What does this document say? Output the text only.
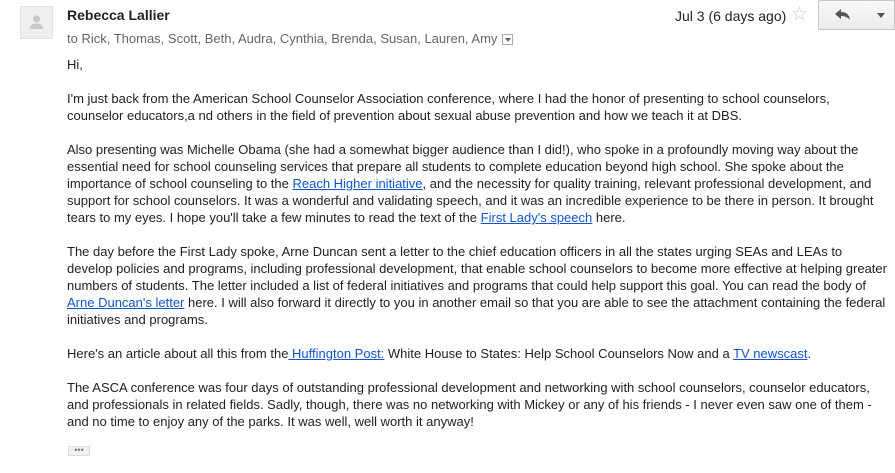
Rebecca Lallier
to Rick, Thomas, Scott, Beth, Audra, Cynthia, Brenda, Susan, Lauren, Amy
Jul 3 (6 days ago) ☆

Hi,

I'm just back from the American School Counselor Association conference, where I had the honor of presenting to school counselors, counselor educators,a nd others in the field of prevention about sexual abuse prevention and how we teach it at DBS.

Also presenting was Michelle Obama (she had a somewhat bigger audience than I did!), who spoke in a profoundly moving way about the essential need for school counseling services that prepare all students to complete education beyond high school. She spoke about the importance of school counseling to the Reach Higher initiative, and the necessity for quality training, relevant professional development, and support for school counselors. It was a wonderful and validating speech, and it was an incredible experience to be there in person. It brought tears to my eyes. I hope you'll take a few minutes to read the text of the First Lady's speech here.

The day before the First Lady spoke, Arne Duncan sent a letter to the chief education officers in all the states urging SEAs and LEAs to develop policies and programs, including professional development, that enable school counselors to become more effective at helping greater numbers of students. The letter included a list of federal initiatives and programs that could help support this goal. You can read the body of Arne Duncan's letter here. I will also forward it directly to you in another email so that you are able to see the attachment containing the federal initiatives and programs.

Here's an article about all this from the Huffington Post: White House to States: Help School Counselors Now and a TV newscast.

The ASCA conference was four days of outstanding professional development and networking with school counselors, counselor educators, and professionals in related fields. Sadly, though, there was no networking with Mickey or any of his friends - I never even saw one of them - and no time to enjoy any of the parks. It was well, well worth it anyway!

•••
